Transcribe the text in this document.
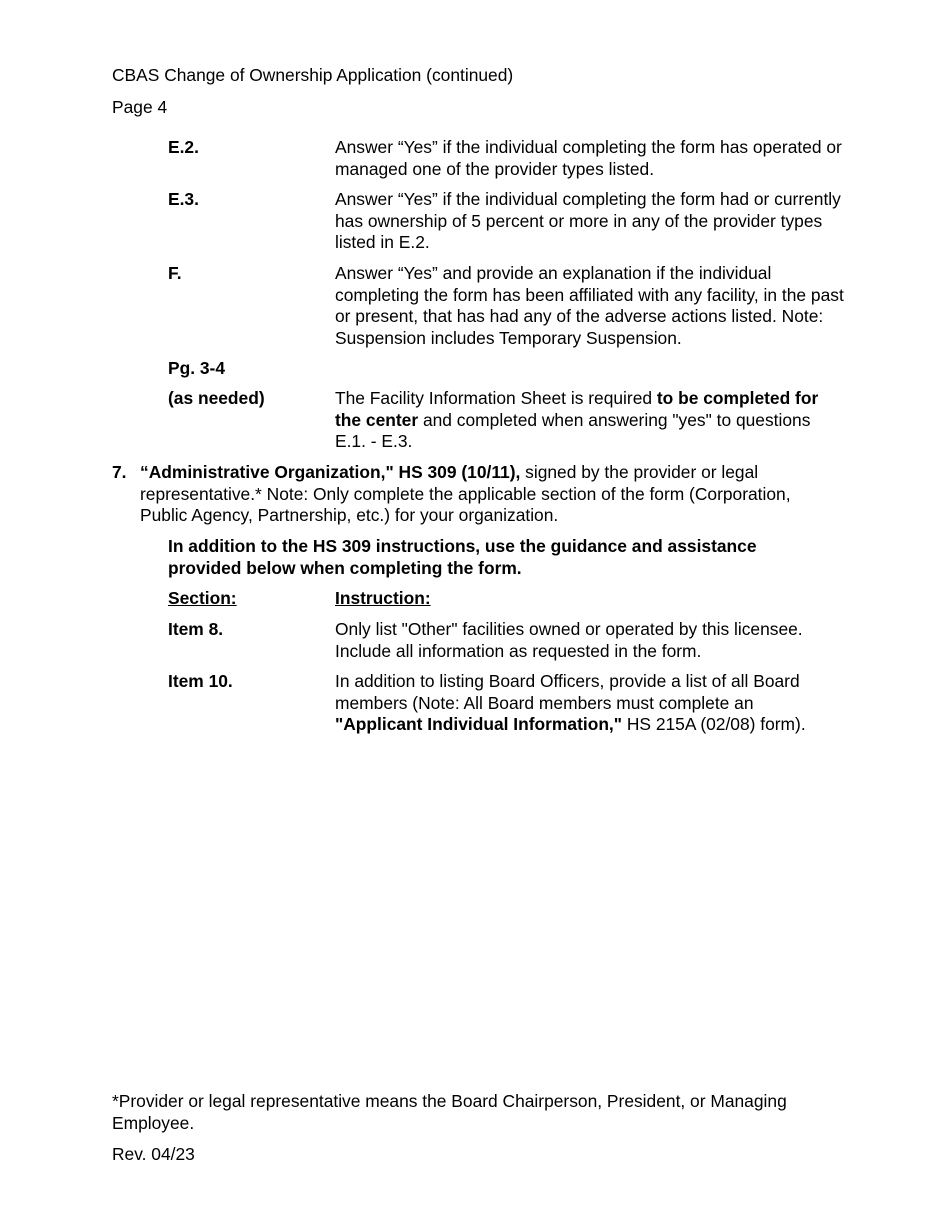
CBAS Change of Ownership Application (continued)
Page 4
E.2.	Answer “Yes” if the individual completing the form has operated or managed one of the provider types listed.
E.3.	Answer “Yes” if the individual completing the form had or currently has ownership of 5 percent or more in any of the provider types listed in E.2.
F.	Answer “Yes” and provide an explanation if the individual completing the form has been affiliated with any facility, in the past or present, that has had any of the adverse actions listed. Note: Suspension includes Temporary Suspension.
Pg. 3-4
(as needed)	The Facility Information Sheet is required to be completed for the center and completed when answering "yes" to questions E.1. - E.3.
7. “Administrative Organization," HS 309 (10/11), signed by the provider or legal representative.* Note: Only complete the applicable section of the form (Corporation, Public Agency, Partnership, etc.) for your organization.
In addition to the HS 309 instructions, use the guidance and assistance provided below when completing the form.
Section:	Instruction:
Item 8.	Only list "Other" facilities owned or operated by this licensee. Include all information as requested in the form.
Item 10.	In addition to listing Board Officers, provide a list of all Board members (Note: All Board members must complete an "Applicant Individual Information," HS 215A (02/08) form).
*Provider or legal representative means the Board Chairperson, President, or Managing Employee.
Rev. 04/23
